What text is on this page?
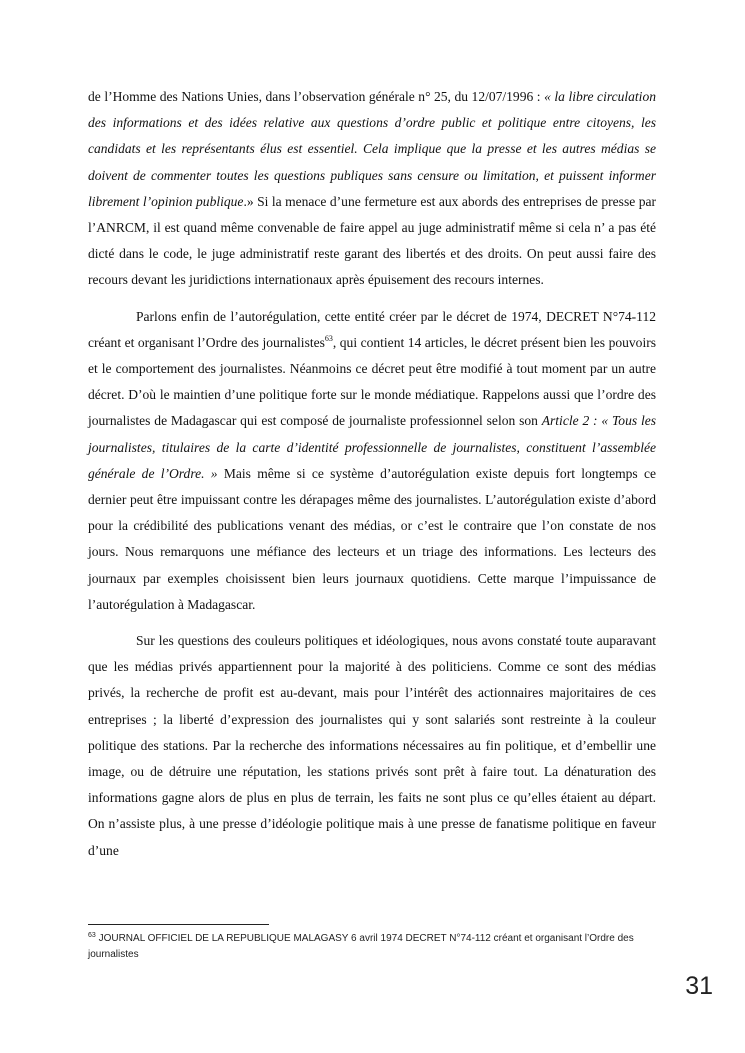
de l’Homme des Nations Unies, dans l’observation générale n° 25, du 12/07/1996 : « la libre circulation des informations et des idées relative aux questions d’ordre public et politique entre citoyens, les candidats et les représentants élus est essentiel. Cela implique que la presse et les autres médias se doivent de commenter toutes les questions publiques sans censure ou limitation, et puissent informer librement l’opinion publique.» Si la menace d’une fermeture est aux abords des entreprises de presse par l’ANRCM, il est quand même convenable de faire appel au juge administratif même si cela n’ a pas été dicté dans le code, le juge administratif reste garant des libertés et des droits. On peut aussi faire des recours devant les juridictions internationaux après épuisement des recours internes.

Parlons enfin de l’autorégulation, cette entité créer par le décret de 1974, DECRET N°74-112 créant et organisant l’Ordre des journalistes$^{63}$, qui contient 14 articles, le décret présent bien les pouvoirs et le comportement des journalistes. Néanmoins ce décret peut être modifié à tout moment par un autre décret. D’où le maintien d’une politique forte sur le monde médiatique. Rappelons aussi que l’ordre des journalistes de Madagascar qui est composé de journaliste professionnel selon son Article 2 : « Tous les journalistes, titulaires de la carte d’identité professionnelle de journalistes, constituent l’assemblée générale de l’Ordre. » Mais même si ce système d’autorégulation existe depuis fort longtemps ce dernier peut être impuissant contre les dérapages même des journalistes. L’autorégulation existe d’abord pour la crédibilité des publications venant des médias, or c’est le contraire que l’on constate de nos jours. Nous remarquons une méfiance des lecteurs et un triage des informations. Les lecteurs des journaux par exemples choisissent bien leurs journaux quotidiens. Cette marque l’impuissance de l’autorégulation à Madagascar.

Sur les questions des couleurs politiques et idéologiques, nous avons constaté toute auparavant que les médias privés appartiennent pour la majorité à des politiciens. Comme ce sont des médias privés, la recherche de profit est au-devant, mais pour l’intérêt des actionnaires majoritaires de ces entreprises ; la liberté d’expression des journalistes qui y sont salariés sont restreinte à la couleur politique des stations. Par la recherche des informations nécessaires au fin politique, et d’embellir une image, ou de détruire une réputation, les stations privés sont prêt à faire tout. La dénaturation des informations gagne alors de plus en plus de terrain, les faits ne sont plus ce qu’elles étaient au départ. On n’assiste plus, à une presse d’idéologie politique mais à une presse de fanatisme politique en faveur d’une

$^{63}$ JOURNAL OFFICIEL DE LA REPUBLIQUE MALAGASY 6 avril 1974 DECRET N°74-112 créant et organisant l’Ordre des journalistes
31
